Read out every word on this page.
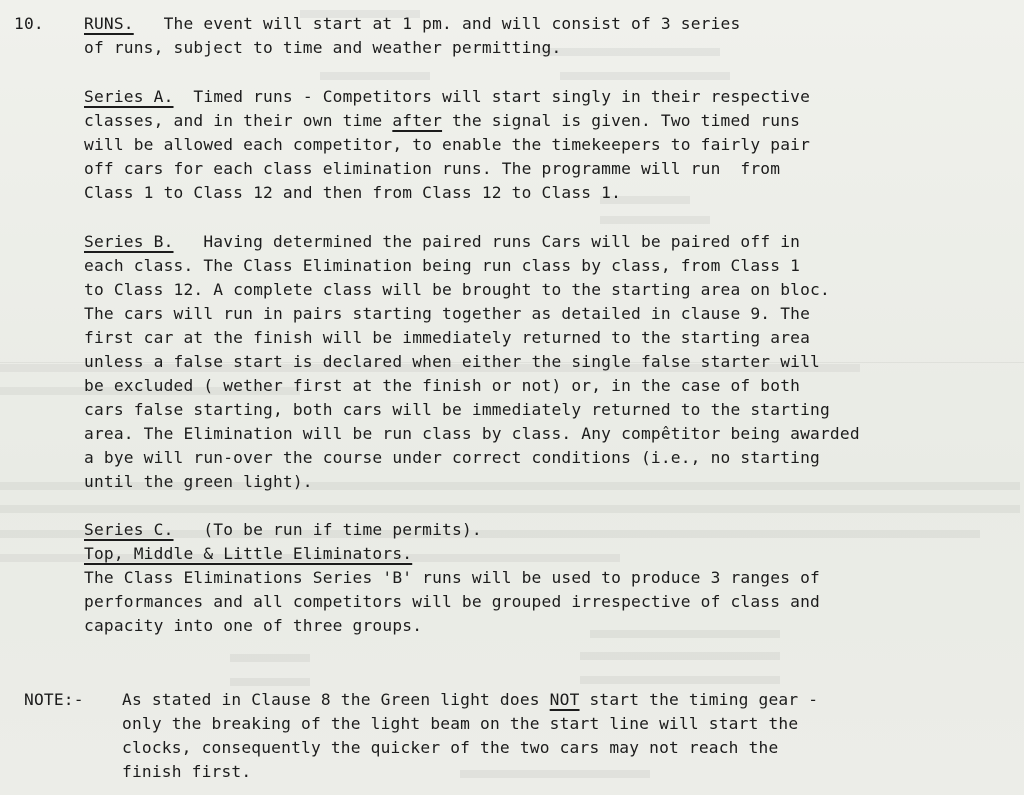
10. RUNS. The event will start at 1 pm. and will consist of 3 series
of runs, subject to time and weather permitting.
Series A. Timed runs - Competitors will start singly in their respective
classes, and in their own time after the signal is given. Two timed runs
will be allowed each competitor, to enable the timekeepers to fairly pair
off cars for each class elimination runs. The programme will run  from
Class 1 to Class 12 and then from Class 12 to Class 1.
Series B. Having determined the paired runs Cars will be paired off in
each class. The Class Elimination being run class by class, from Class 1
to Class 12. A complete class will be brought to the starting area on bloc.
The cars will run in pairs starting together as detailed in clause 9. The
first car at the finish will be immediately returned to the starting area
unless a false start is declared when either the single false starter will
be excluded ( wether first at the finish or not) or, in the case of both
cars false starting, both cars will be immediately returned to the starting
area. The Elimination will be run class by class. Any compêtitor being awarded
a bye will run-over the course under correct conditions (i.e., no starting
until the green light).
Series C. (To be run if time permits).
Top, Middle & Little Eliminators.
The Class Eliminations Series 'B' runs will be used to produce 3 ranges of
performances and all competitors will be grouped irrespective of class and
capacity into one of three groups.
NOTE:- As stated in Clause 8 the Green light does NOT start the timing gear -
only the breaking of the light beam on the start line will start the
clocks, consequently the quicker of the two cars may not reach the
finish first.
